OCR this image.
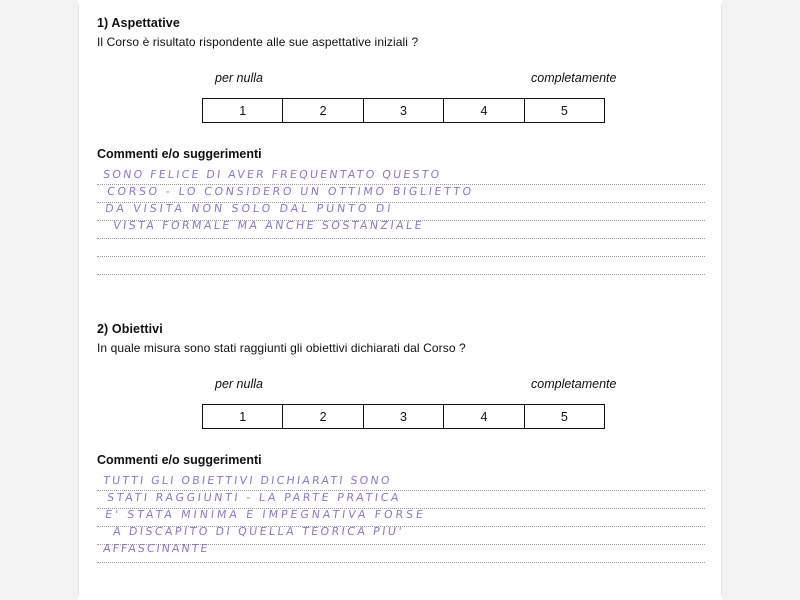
1) Aspettative
Il Corso è risultato rispondente alle sue aspettative iniziali ?
per nulla	completamente
1	2	3	4	5
Commenti e/o suggerimenti
SONO FELICE DI AVER FREQUENTATO QUESTO
CORSO - LO CONSIDERO UN OTTIMO BIGLIETTO
DA VISITA NON SOLO DAL PUNTO DI
VISTA FORMALE MA ANCHE SOSTANZIALE
2) Obiettivi
In quale misura sono stati raggiunti gli obiettivi dichiarati dal Corso ?
per nulla	completamente
1	2	3	4	5
Commenti e/o suggerimenti
TUTTI GLI OBIETTIVI DICHIARATI SONO
STATI RAGGIUNTI - LA PARTE PRATICA
E' STATA MINIMA E IMPEGNATIVA FORSE
A DISCAPITO DI QUELLA TEORICA PIU'
AFFASCINANTE
